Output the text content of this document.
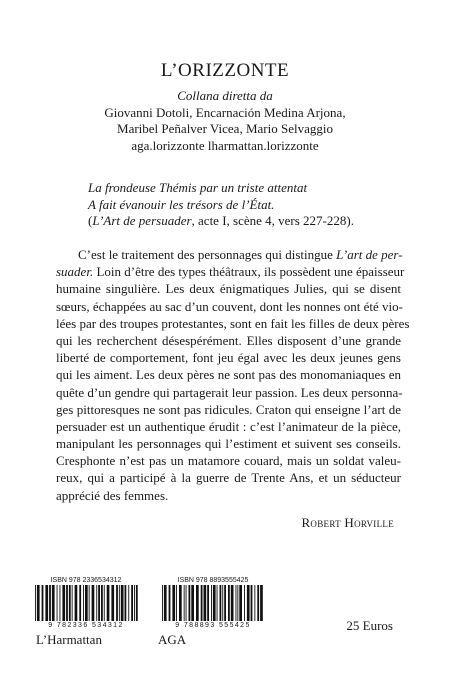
L’ORIZZONTE
Collana diretta da
Giovanni Dotoli, Encarnación Medina Arjona,
Maribel Peñalver Vicea, Mario Selvaggio
aga.lorizzonte lharmattan.lorizzonte
La frondeuse Thémis par un triste attentat
A fait évanouir les trésors de l’État.
(L’Art de persuader, acte I, scène 4, vers 227-228).
C’est le traitement des personnages qui distingue L’art de per-
suader. Loin d’être des types théâtraux, ils possèdent une épaisseur
humaine singulière. Les deux énigmatiques Julies, qui se disent
sœurs, échappées au sac d’un couvent, dont les nonnes ont été vio-
lées par des troupes protestantes, sont en fait les filles de deux pères
qui les recherchent désespérément. Elles disposent d’une grande
liberté de comportement, font jeu égal avec les deux jeunes gens
qui les aiment. Les deux pères ne sont pas des monomaniaques en
quête d’un gendre qui partagerait leur passion. Les deux personna-
ges pittoresques ne sont pas ridicules. Craton qui enseigne l’art de
persuader est un authentique érudit : c’est l’animateur de la pièce,
manipulant les personnages qui l’estiment et suivent ses conseils.
Cresphonte n’est pas un matamore couard, mais un soldat valeu-
reux, qui a participé à la guerre de Trente Ans, et un séducteur
apprécié des femmes.
Robert Horville
ISBN 978 2336534312
9 782336 534312
L’Harmattan
ISBN 978 8893555425
9 788893 555425
AGA
25 Euros
